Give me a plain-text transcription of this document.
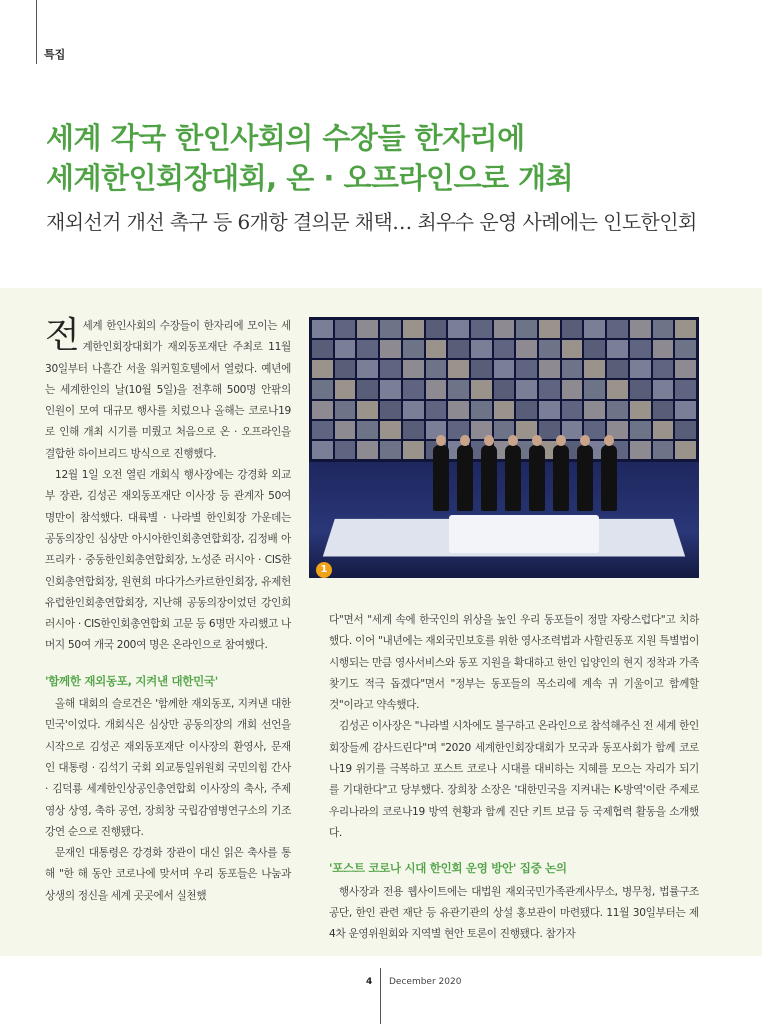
특집
세계 각국 한인사회의 수장들 한자리에
세계한인회장대회, 온 · 오프라인으로 개최
재외선거 개선 촉구 등 6개항 결의문 채택… 최우수 운영 사례에는 인도한인회

전세계 한인사회의 수장들이 한자리에 모이는 세계한인회장대회가 재외동포재단 주최로 11월 30일부터 나흘간 서울 워커힐호텔에서 열렸다. 예년에는 세계한인의 날(10월 5일)을 전후해 500명 안팎의 인원이 모여 대규모 행사를 치렀으나 올해는 코로나19로 인해 개최 시기를 미뤘고 처음으로 온 · 오프라인을 결합한 하이브리드 방식으로 진행했다.

12월 1일 오전 열린 개회식 행사장에는 강경화 외교부 장관, 김성곤 재외동포재단 이사장 등 관계자 50여 명만이 참석했다. 대륙별 · 나라별 한인회장 가운데는 공동의장인 심상만 아시아한인회총연합회장, 김정배 아프리카 · 중동한인회총연합회장, 노성준 러시아 · CIS한인회총연합회장, 원현희 마다가스카르한인회장, 유제헌 유럽한인회총연합회장, 지난해 공동의장이었던 강인희 러시아 · CIS한인회총연합회 고문 등 6명만 자리했고 나머지 50여 개국 200여 명은 온라인으로 참여했다.

'함께한 재외동포, 지켜낸 대한민국'

올해 대회의 슬로건은 '함께한 재외동포, 지켜낸 대한민국'이었다. 개회식은 심상만 공동의장의 개회 선언을 시작으로 김성곤 재외동포재단 이사장의 환영사, 문재인 대통령 · 김석기 국회 외교통일위원회 국민의힘 간사 · 김덕룡 세계한인상공인총연합회 이사장의 축사, 주제 영상 상영, 축하 공연, 장희창 국립감염병연구소의 기조 강연 순으로 진행됐다.

문재인 대통령은 강경화 장관이 대신 읽은 축사를 통해 "한 해 동안 코로나에 맞서며 우리 동포들은 나눔과 상생의 정신을 세계 곳곳에서 실천했

1

다"면서 "세계 속에 한국인의 위상을 높인 우리 동포들이 정말 자랑스럽다"고 치하했다. 이어 "내년에는 재외국민보호를 위한 영사조력법과 사할린동포 지원 특별법이 시행되는 만큼 영사서비스와 동포 지원을 확대하고 한인 입양인의 현지 정착과 가족 찾기도 적극 돕겠다"면서 "정부는 동포들의 목소리에 계속 귀 기울이고 함께할 것"이라고 약속했다.

김성곤 이사장은 "나라별 시차에도 불구하고 온라인으로 참석해주신 전 세계 한인회장들께 감사드린다"며 "2020 세계한인회장대회가 모국과 동포사회가 함께 코로나19 위기를 극복하고 포스트 코로나 시대를 대비하는 지혜를 모으는 자리가 되기를 기대한다"고 당부했다. 장희창 소장은 '대한민국을 지켜내는 K-방역'이란 주제로 우리나라의 코로나19 방역 현황과 함께 진단 키트 보급 등 국제협력 활동을 소개했다.

'포스트 코로나 시대 한인회 운영 방안' 집중 논의

행사장과 전용 웹사이트에는 대법원 재외국민가족관계사무소, 병무청, 법률구조공단, 한인 관련 재단 등 유관기관의 상설 홍보관이 마련됐다. 11월 30일부터는 제4차 운영위원회와 지역별 현안 토론이 진행됐다. 참가자

4 December 2020
